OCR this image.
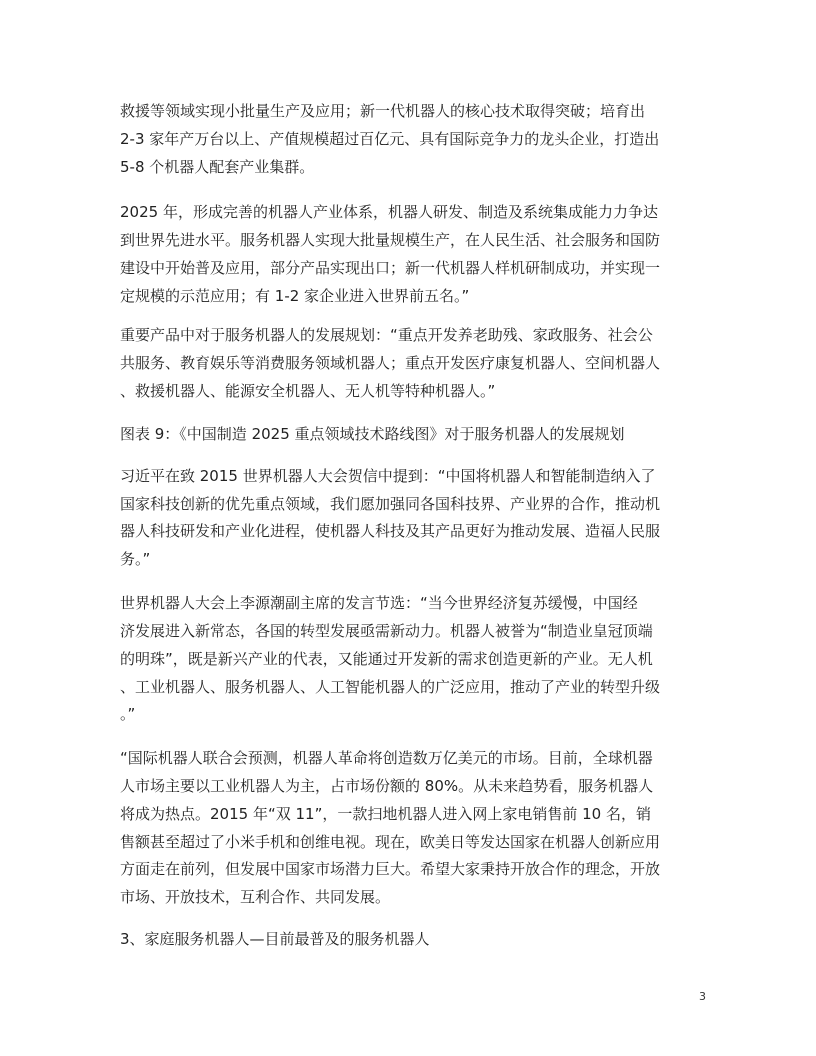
救援等领域实现小批量生产及应用；新一代机器人的核心技术取得突破；培育出

2-3 家年产万台以上、产值规模超过百亿元、具有国际竞争力的龙头企业，打造出

5-8 个机器人配套产业集群。

2025 年，形成完善的机器人产业体系，机器人研发、制造及系统集成能力力争达

到世界先进水平。服务机器人实现大批量规模生产，在人民生活、社会服务和国防

建设中开始普及应用，部分产品实现出口；新一代机器人样机研制成功，并实现一

定规模的示范应用；有 1-2 家企业进入世界前五名。”

重要产品中对于服务机器人的发展规划：“重点开发养老助残、家政服务、社会公

共服务、教育娱乐等消费服务领域机器人；重点开发医疗康复机器人、空间机器人

、救援机器人、能源安全机器人、无人机等特种机器人。”

图表 9：《中国制造 2025 重点领域技术路线图》对于服务机器人的发展规划

习近平在致 2015 世界机器人大会贺信中提到：“中国将机器人和智能制造纳入了

国家科技创新的优先重点领域，我们愿加强同各国科技界、产业界的合作，推动机

器人科技研发和产业化进程，使机器人科技及其产品更好为推动发展、造福人民服

务。”

世界机器人大会上李源潮副主席的发言节选：“当今世界经济复苏缓慢，中国经

济发展进入新常态，各国的转型发展亟需新动力。机器人被誉为“制造业皇冠顶端

的明珠”，既是新兴产业的代表，又能通过开发新的需求创造更新的产业。无人机

、工业机器人、服务机器人、人工智能机器人的广泛应用，推动了产业的转型升级

。”

“国际机器人联合会预测，机器人革命将创造数万亿美元的市场。目前，全球机器

人市场主要以工业机器人为主，占市场份额的 80%。从未来趋势看，服务机器人

将成为热点。2015 年“双 11”，一款扫地机器人进入网上家电销售前 10 名，销

售额甚至超过了小米手机和创维电视。现在，欧美日等发达国家在机器人创新应用

方面走在前列，但发展中国家市场潜力巨大。希望大家秉持开放合作的理念，开放

市场、开放技术，互利合作、共同发展。

3、家庭服务机器人—目前最普及的服务机器人

3
